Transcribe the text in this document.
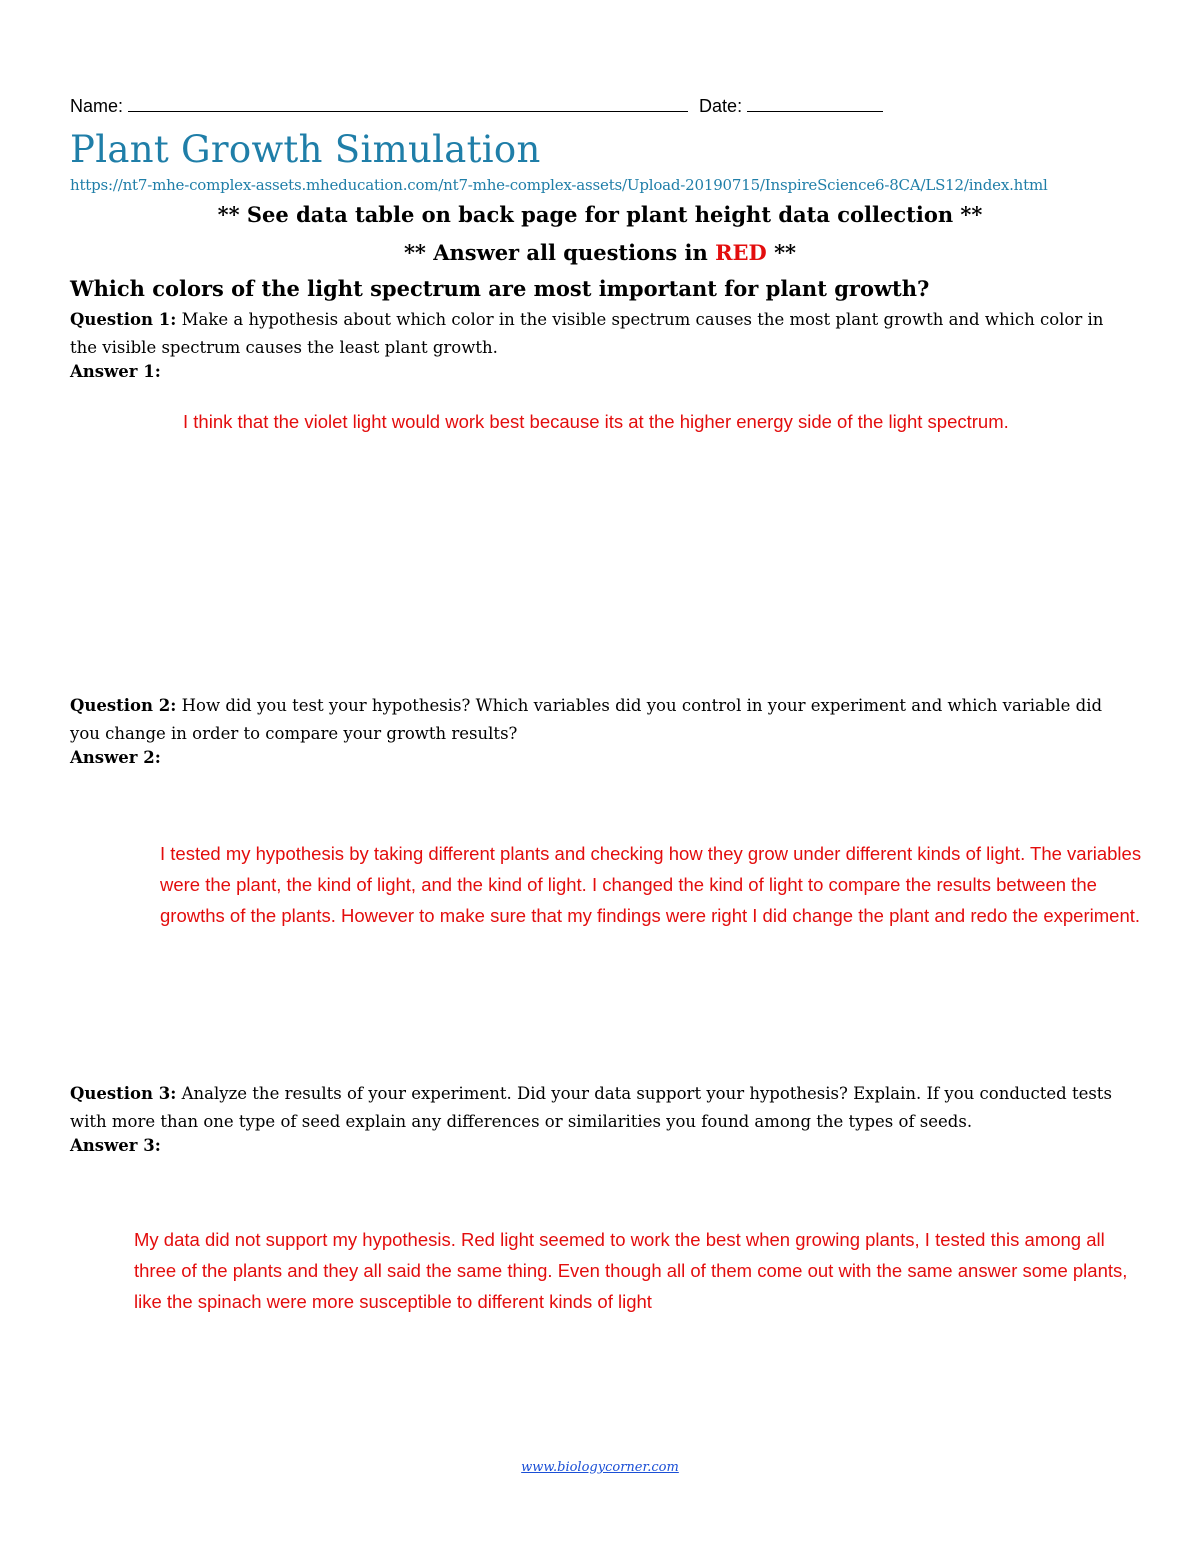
Name:	Date:
Plant Growth Simulation
https://nt7-mhe-complex-assets.mheducation.com/nt7-mhe-complex-assets/Upload-20190715/InspireScience6-8CA/LS12/index.html
** See data table on back page for plant height data collection **
** Answer all questions in RED **
Which colors of the light spectrum are most important for plant growth?
Question 1: Make a hypothesis about which color in the visible spectrum causes the most plant growth and which color in the visible spectrum causes the least plant growth.
Answer 1:
I think that the violet light would work best because its at the higher energy side of the light spectrum.
Question 2: How did you test your hypothesis? Which variables did you control in your experiment and which variable did you change in order to compare your growth results?
Answer 2:
I tested my hypothesis by taking different plants and checking how they grow under different kinds of light. The variables were the plant, the kind of light, and the kind of light. I changed the kind of light to compare the results between the growths of the plants. However to make sure that my findings were right I did change the plant and redo the experiment.
Question 3: Analyze the results of your experiment. Did your data support your hypothesis? Explain. If you conducted tests with more than one type of seed explain any differences or similarities you found among the types of seeds.
Answer 3:
My data did not support my hypothesis. Red light seemed to work the best when growing plants, I tested this among all three of the plants and they all said the same thing. Even though all of them come out with the same answer some plants, like the spinach were more susceptible to different kinds of light
www.biologycorner.com
